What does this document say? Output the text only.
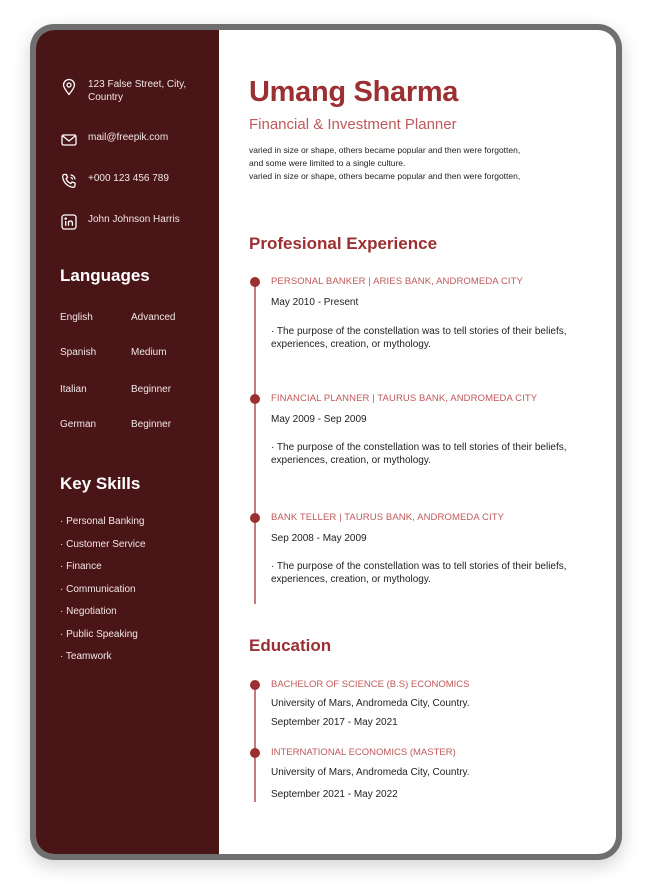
123 False Street, City, Country
mail@freepik.com
+000 123 456 789
John Johnson Harris
Languages
English	Advanced
Spanish	Medium
Italian	Beginner
German	Beginner
Key Skills
· Personal Banking
· Customer Service
· Finance
· Communication
· Negotiation
· Public Speaking
· Teamwork
Umang Sharma
Financial & Investment Planner
varied in size or shape, others became popular and then were forgotten,
and some were limited to a single culture.
varied in size or shape, others became popular and then were forgotten,
Profesional Experience
PERSONAL BANKER | ARIES BANK, ANDROMEDA CITY
May 2010 - Present
· The purpose of the constellation was to tell stories of their beliefs,
experiences, creation, or mythology.
FINANCIAL PLANNER | TAURUS BANK, ANDROMEDA CITY
May 2009 - Sep 2009
· The purpose of the constellation was to tell stories of their beliefs,
experiences, creation, or mythology.
BANK TELLER | TAURUS BANK, ANDROMEDA CITY
Sep 2008 - May 2009
· The purpose of the constellation was to tell stories of their beliefs,
experiences, creation, or mythology.
Education
BACHELOR OF SCIENCE (B.S) ECONOMICS
University of Mars, Andromeda City, Country.
September 2017 - May 2021
INTERNATIONAL ECONOMICS (MASTER)
University of Mars, Andromeda City, Country.
September 2021 - May 2022
